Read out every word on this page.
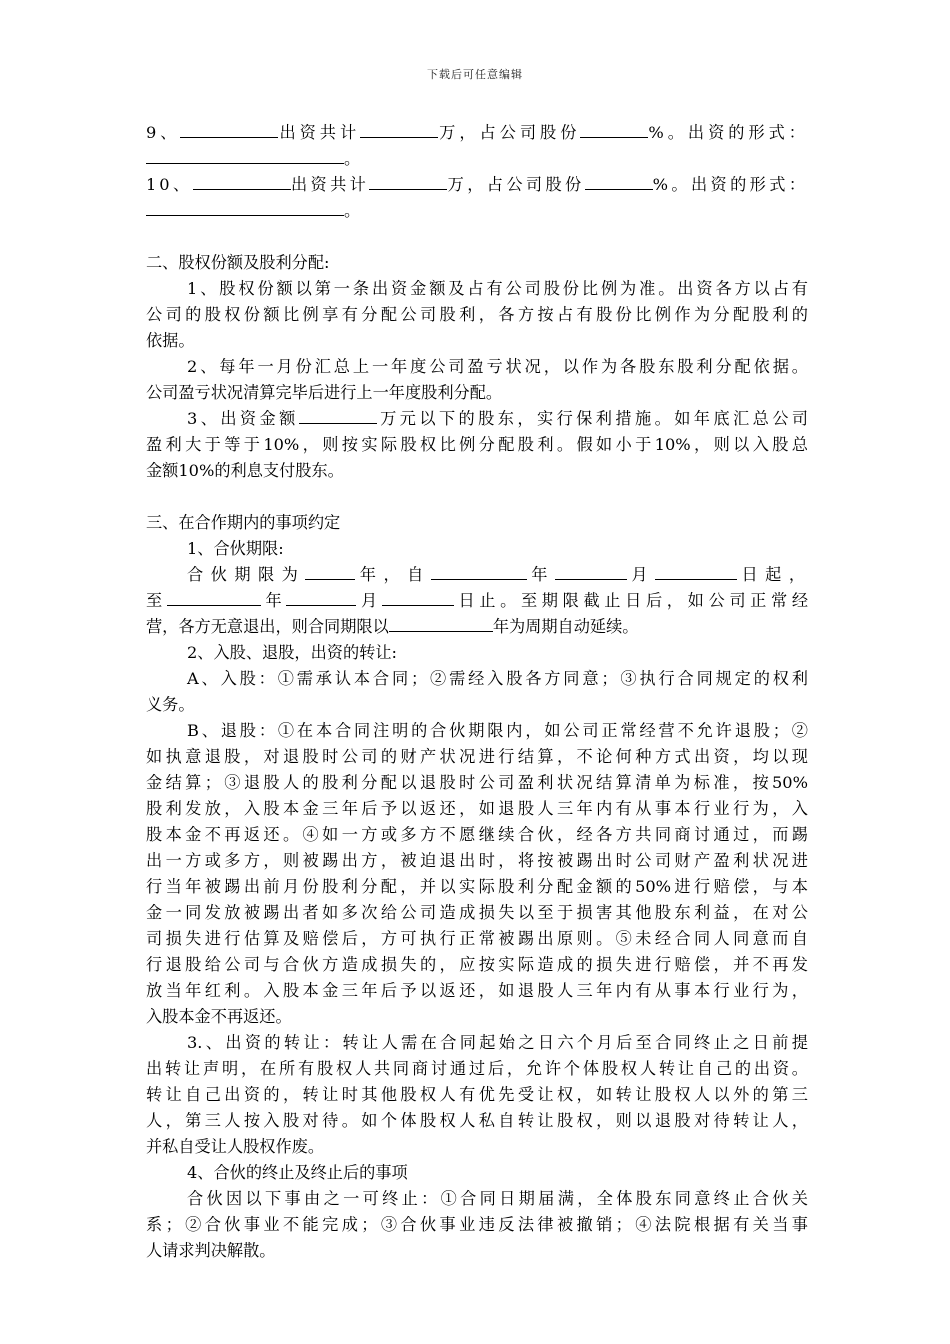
下载后可任意编辑
9、	出资共计	万，占公司股份	%。出资的形式：
。
10、	出资共计	万，占公司股份	%。出资的形式：
。
二、股权份额及股利分配:
1、股权份额以第一条出资金额及占有公司股份比例为准。出资各方以占有
公司的股权份额比例享有分配公司股利，各方按占有股份比例作为分配股利的
依据。
2、每年一月份汇总上一年度公司盈亏状况，以作为各股东股利分配依据。
公司盈亏状况清算完毕后进行上一年度股利分配。
3、出资金额	万元以下的股东，实行保利措施。如年底汇总公司
盈利大于等于10%，则按实际股权比例分配股利。假如小于10%，则以入股总
金额10%的利息支付股东。
三、在合作期内的事项约定
1、合伙期限:
合伙期限为	年，自	年	月	日起，
至	年	月	日止。至期限截止日后，如公司正常经
营，各方无意退出，则合同期限以	年为周期自动延续。
2、入股、退股，出资的转让:
A、入股：①需承认本合同；②需经入股各方同意；③执行合同规定的权利
义务。
B、退股：①在本合同注明的合伙期限内，如公司正常经营不允许退股；②
如执意退股，对退股时公司的财产状况进行结算，不论何种方式出资，均以现
金结算；③退股人的股利分配以退股时公司盈利状况结算清单为标准，按50%
股利发放，入股本金三年后予以返还，如退股人三年内有从事本行业行为，入
股本金不再返还。④如一方或多方不愿继续合伙，经各方共同商讨通过，而踢
出一方或多方，则被踢出方，被迫退出时，将按被踢出时公司财产盈利状况进
行当年被踢出前月份股利分配，并以实际股利分配金额的50%进行赔偿，与本
金一同发放被踢出者如多次给公司造成损失以至于损害其他股东利益，在对公
司损失进行估算及赔偿后，方可执行正常被踢出原则。⑤未经合同人同意而自
行退股给公司与合伙方造成损失的，应按实际造成的损失进行赔偿，并不再发
放当年红利。入股本金三年后予以返还，如退股人三年内有从事本行业行为，
入股本金不再返还。
3.、出资的转让：转让人需在合同起始之日六个月后至合同终止之日前提
出转让声明，在所有股权人共同商讨通过后，允许个体股权人转让自己的出资。
转让自己出资的，转让时其他股权人有优先受让权，如转让股权人以外的第三
人，第三人按入股对待。如个体股权人私自转让股权，则以退股对待转让人，
并私自受让人股权作废。
4、合伙的终止及终止后的事项
合伙因以下事由之一可终止：①合同日期届满，全体股东同意终止合伙关
系；②合伙事业不能完成；③合伙事业违反法律被撤销；④法院根据有关当事
人请求判决解散。
